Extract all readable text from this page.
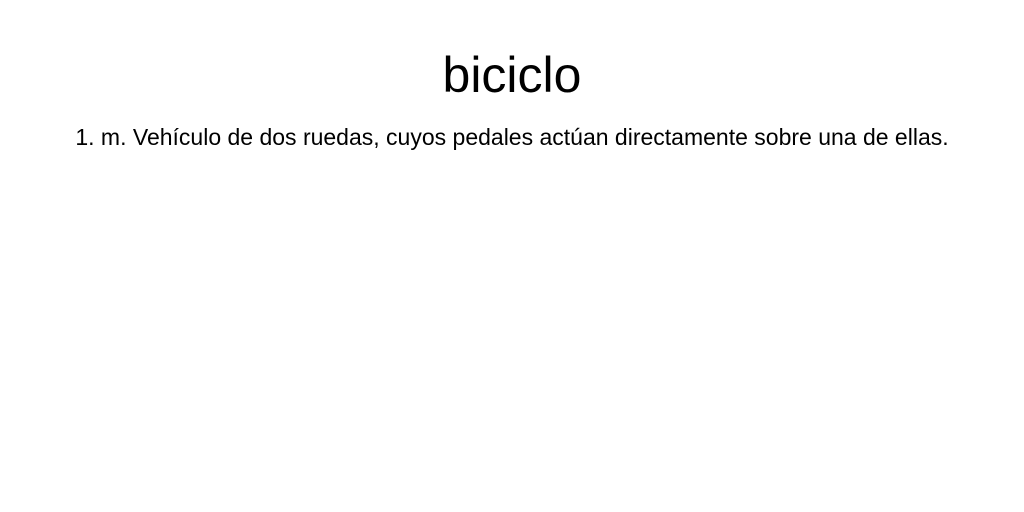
biciclo

1. m. Vehículo de dos ruedas, cuyos pedales actúan directamente sobre una de ellas.
